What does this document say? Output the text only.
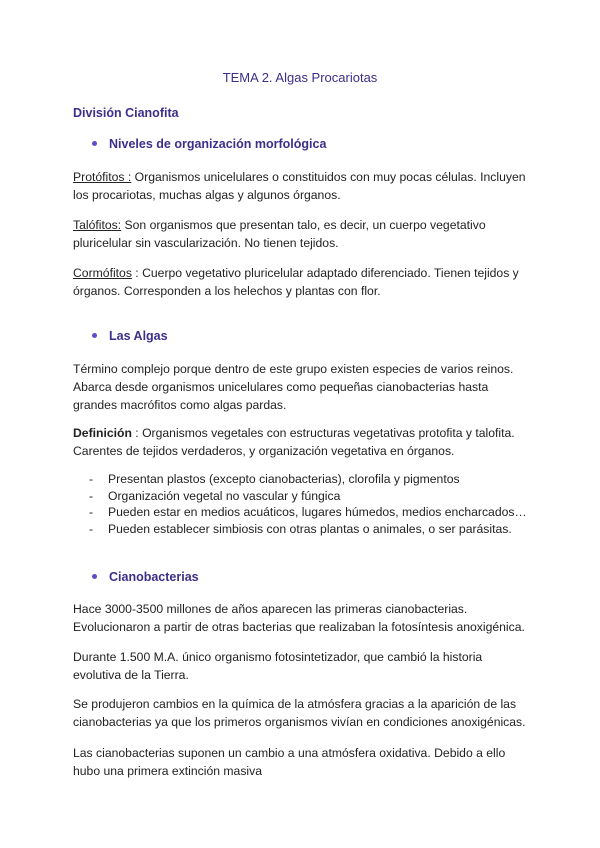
TEMA 2. Algas Procariotas
División Cianofita
Niveles de organización morfológica
Protófitos : Organismos unicelulares o constituidos con muy pocas células. Incluyen
los procariotas, muchas algas y algunos órganos.
Talófitos: Son organismos que presentan talo, es decir, un cuerpo vegetativo
pluricelular sin vascularización. No tienen tejidos.
Cormófitos : Cuerpo vegetativo pluricelular adaptado diferenciado. Tienen tejidos y
órganos. Corresponden a los helechos y plantas con flor.
Las Algas
Término complejo porque dentro de este grupo existen especies de varios reinos.
Abarca desde organismos unicelulares como pequeñas cianobacterias hasta
grandes macrófitos como algas pardas.
Definición : Organismos vegetales con estructuras vegetativas protofita y talofita.
Carentes de tejidos verdaderos, y organización vegetativa en órganos.
-	Presentan plastos (excepto cianobacterias), clorofila y pigmentos
-	Organización vegetal no vascular y fúngica
-	Pueden estar en medios acuáticos, lugares húmedos, medios encharcados…
-	Pueden establecer simbiosis con otras plantas o animales, o ser parásitas.
Cianobacterias
Hace 3000-3500 millones de años aparecen las primeras cianobacterias.
Evolucionaron a partir de otras bacterias que realizaban la fotosíntesis anoxigénica.
Durante 1.500 M.A. único organismo fotosintetizador, que cambió la historia
evolutiva de la Tierra.
Se produjeron cambios en la química de la atmósfera gracias a la aparición de las
cianobacterias ya que los primeros organismos vivían en condiciones anoxigénicas.
Las cianobacterias suponen un cambio a una atmósfera oxidativa. Debido a ello
hubo una primera extinción masiva
